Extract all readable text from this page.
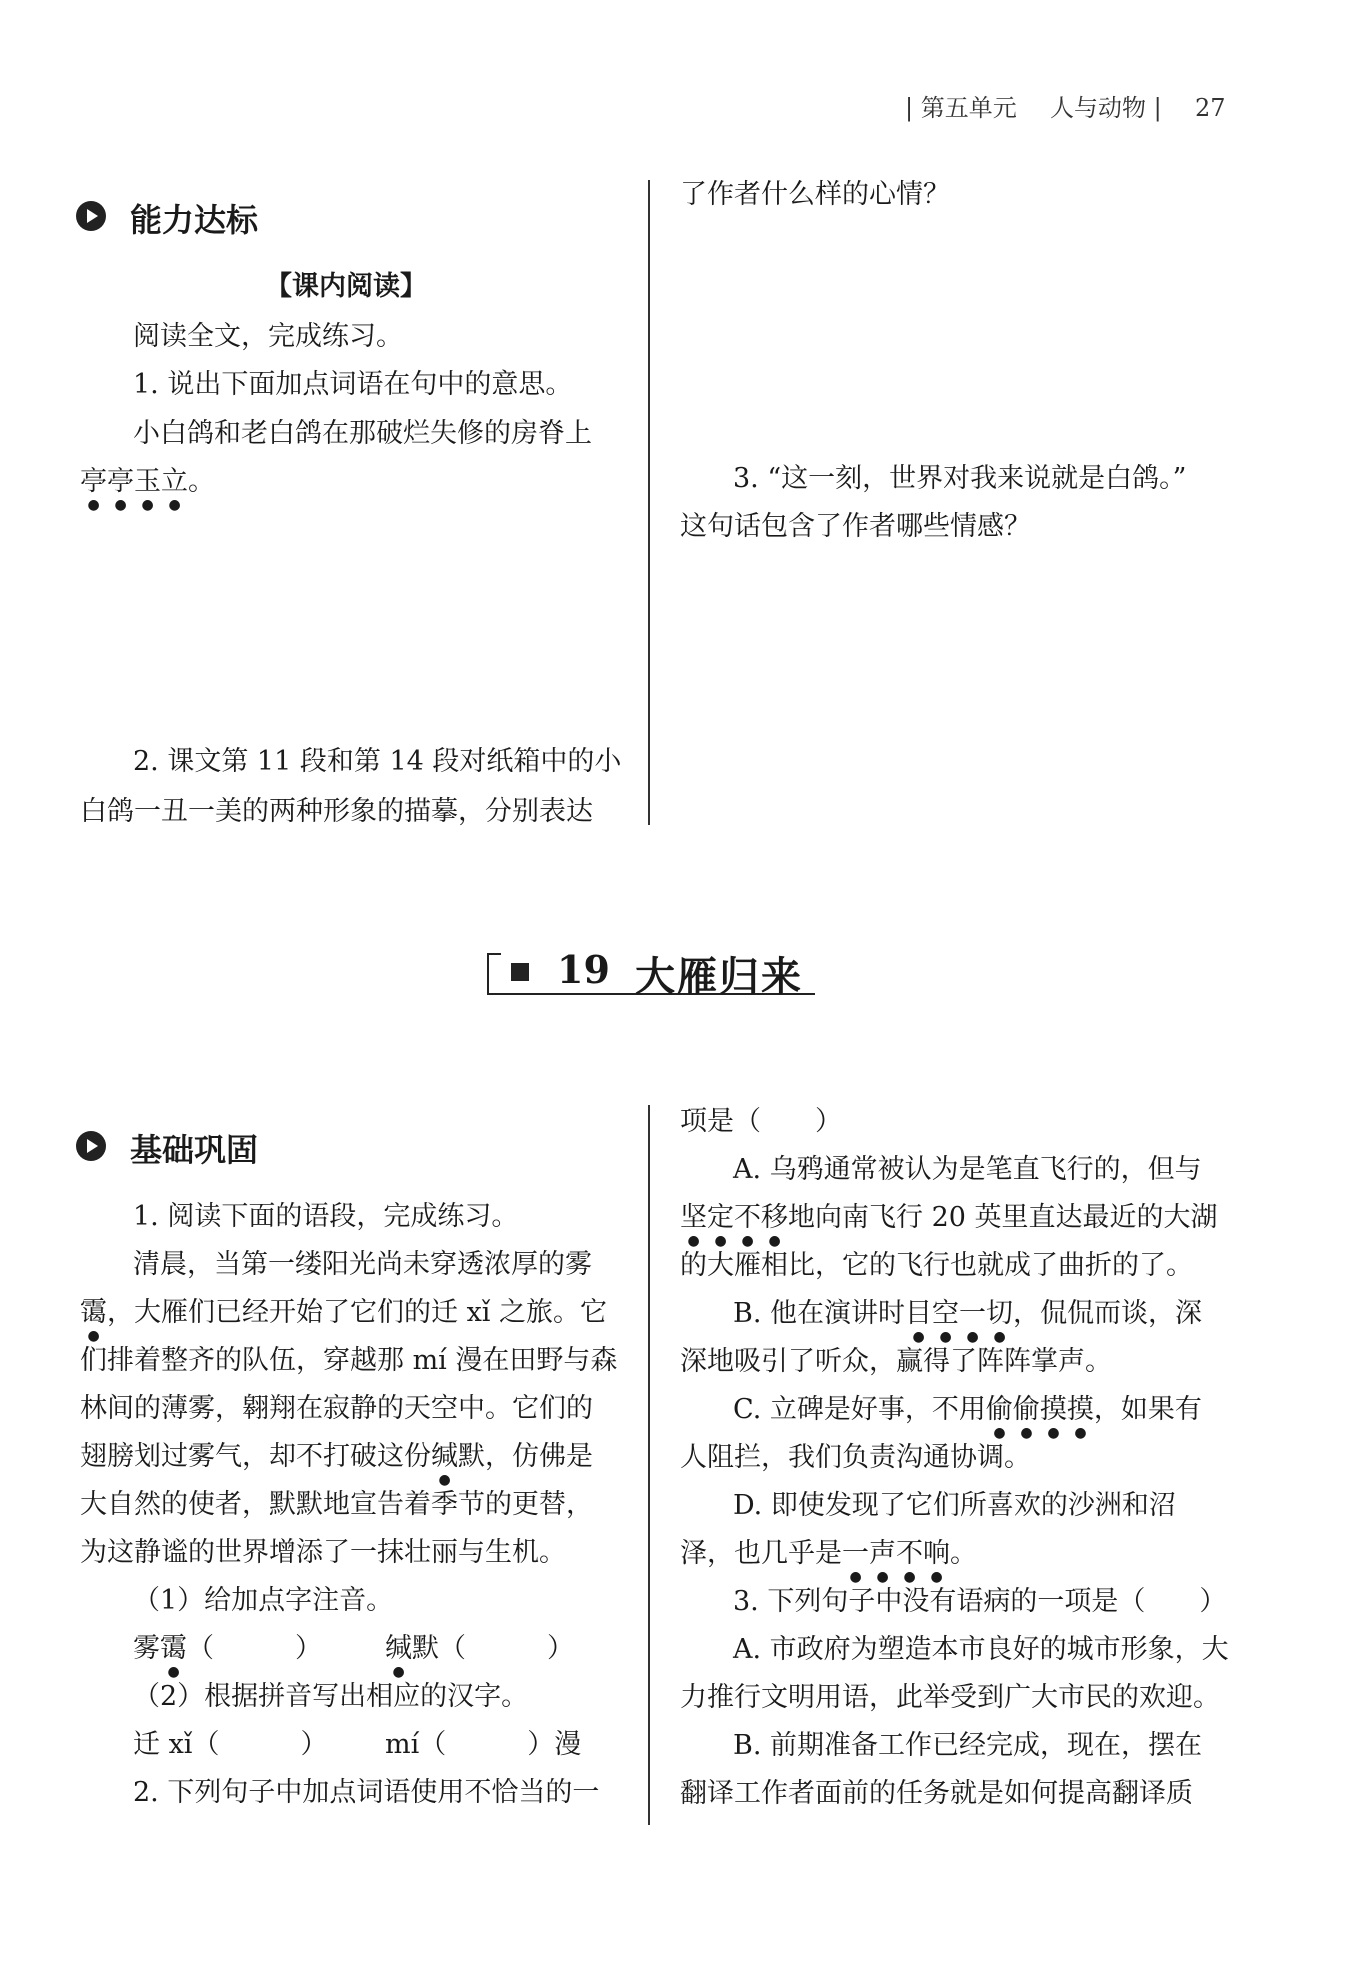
| 第五单元 人与动物 | 27
能力达标
【课内阅读】
阅读全文，完成练习。
1. 说出下面加点词语在句中的意思。
小白鸽和老白鸽在那破烂失修的房脊上
亭亭玉立。
2. 课文第 11 段和第 14 段对纸箱中的小
白鸽一丑一美的两种形象的描摹，分别表达
了作者什么样的心情？
3. “这一刻，世界对我来说就是白鸽。”
这句话包含了作者哪些情感？
19 大雁归来
基础巩固
1. 阅读下面的语段，完成练习。
清晨，当第一缕阳光尚未穿透浓厚的雾
霭，大雁们已经开始了它们的迁 xǐ 之旅。它
们排着整齐的队伍，穿越那 mí 漫在田野与森
林间的薄雾，翱翔在寂静的天空中。它们的
翅膀划过雾气，却不打破这份缄默，仿佛是
大自然的使者，默默地宣告着季节的更替，
为这静谧的世界增添了一抹壮丽与生机。
（1）给加点字注音。
雾霭（　　　） 缄默（　　　）
（2）根据拼音写出相应的汉字。
迁 xǐ（　　　） mí（　　　）漫
2. 下列句子中加点词语使用不恰当的一
项是（　　）
A. 乌鸦通常被认为是笔直飞行的，但与
坚定不移地向南飞行 20 英里直达最近的大湖
的大雁相比，它的飞行也就成了曲折的了。
B. 他在演讲时目空一切，侃侃而谈，深
深地吸引了听众，赢得了阵阵掌声。
C. 立碑是好事，不用偷偷摸摸，如果有
人阻拦，我们负责沟通协调。
D. 即使发现了它们所喜欢的沙洲和沼
泽，也几乎是一声不响。
3. 下列句子中没有语病的一项是（　　）
A. 市政府为塑造本市良好的城市形象，大
力推行文明用语，此举受到广大市民的欢迎。
B. 前期准备工作已经完成，现在，摆在
翻译工作者面前的任务就是如何提高翻译质
